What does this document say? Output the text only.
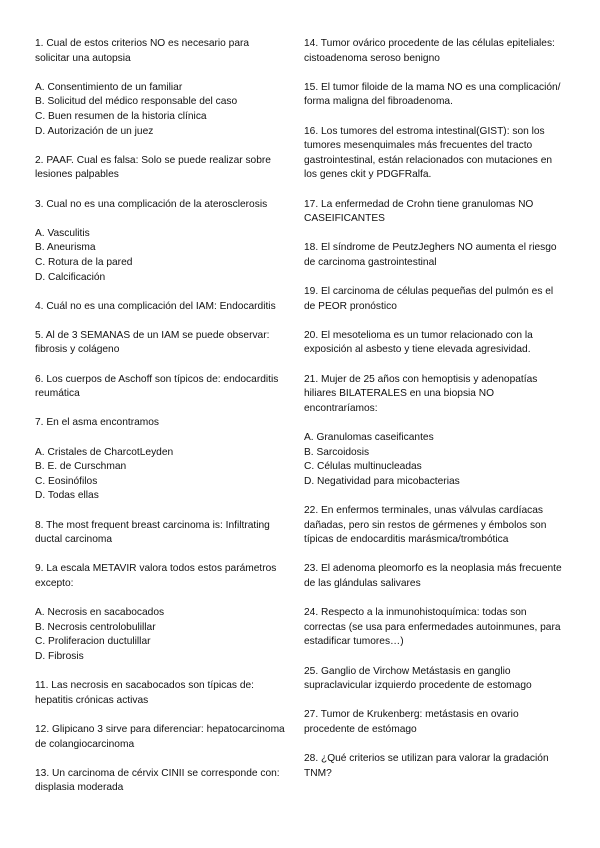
1. Cual de estos criterios NO es necesario para solicitar una autopsia

A. Consentimiento de un familiar

B. Solicitud del médico responsable del caso

C. Buen resumen de la historia clínica

D. Autorización de un juez

2. PAAF. Cual es falsa: Solo se puede realizar sobre lesiones palpables

3. Cual no es una complicación de la aterosclerosis

A. Vasculitis

B. Aneurisma

C. Rotura de la pared

D. Calcificación

4. Cuál no es una complicación del IAM: Endocarditis

5. Al de 3 SEMANAS de un IAM se puede observar: fibrosis y colágeno

6. Los cuerpos de Aschoff son típicos de: endocarditis reumática

7. En el asma encontramos

A. Cristales de CharcotLeyden

B. E. de Curschman

C. Eosinófilos

D. Todas ellas

8. The most frequent breast carcinoma is: Infiltrating ductal carcinoma

9. La escala METAVIR valora todos estos parámetros excepto:

A. Necrosis en sacabocados

B. Necrosis centrolobulillar

C. Proliferacion ductulillar

D. Fibrosis

11. Las necrosis en sacabocados son típicas de: hepatitis crónicas activas

12. Glipicano 3 sirve para diferenciar: hepatocarcinoma de colangiocarcinoma

13. Un carcinoma de cérvix CINII se corresponde con: displasia moderada

14. Tumor ovárico procedente de las células epiteliales: cistoadenoma seroso benigno

15. El tumor filoide de la mama NO es una complicación/ forma maligna del fibroadenoma.

16. Los tumores del estroma intestinal(GIST): son los tumores mesenquimales más frecuentes del tracto gastrointestinal, están relacionados con mutaciones en los genes ckit y PDGFRalfa.

17. La enfermedad de Crohn tiene granulomas NO CASEIFICANTES

18. El síndrome de PeutzJeghers NO aumenta el riesgo de carcinoma gastrointestinal

19. El carcinoma de células pequeñas del pulmón es el de PEOR pronóstico

20. El mesotelioma es un tumor relacionado con la exposición al asbesto y tiene elevada agresividad.

21. Mujer de 25 años con hemoptisis y adenopatías hiliares BILATERALES en una biopsia NO encontraríamos:

A. Granulomas caseificantes

B. Sarcoidosis

C. Células multinucleadas

D. Negatividad para micobacterias

22. En enfermos terminales, unas válvulas cardíacas dañadas, pero sin restos de gérmenes y émbolos son típicas de endocarditis marásmica/trombótica

23. El adenoma pleomorfo es la neoplasia más frecuente de las glándulas salivares

24. Respecto a la inmunohistoquímica: todas son correctas (se usa para enfermedades autoinmunes, para estadificar tumores…)

25. Ganglio de Virchow Metástasis en ganglio supraclavicular izquierdo procedente de estomago

27. Tumor de Krukenberg: metástasis en ovario procedente de estómago

28. ¿Qué criterios se utilizan para valorar la gradación TNM?
